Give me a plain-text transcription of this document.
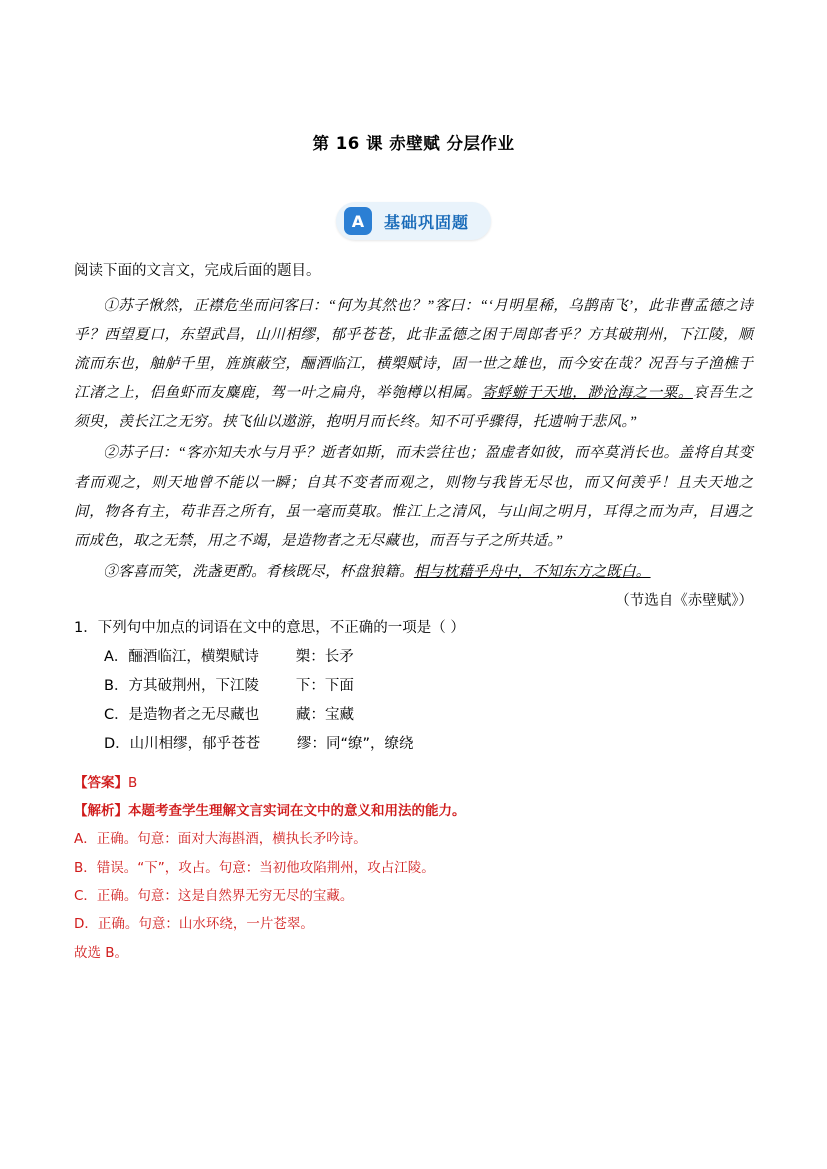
第 16 课 赤壁赋 分层作业
A	基础巩固题

阅读下面的文言文，完成后面的题目。

①苏子愀然，正襟危坐而问客曰：“何为其然也？”客曰：“‘月明星稀，乌鹊南飞’，此非曹孟德之诗乎？西望夏口，东望武昌，山川相缪，郁乎苍苍，此非孟德之困于周郎者乎？方其破荆州，下江陵，顺流而东也，舳舻千里，旌旗蔽空，酾酒临江，横槊赋诗，固一世之雄也，而今安在哉？况吾与子渔樵于江渚之上，侣鱼虾而友麋鹿，驾一叶之扁舟，举匏樽以相属。寄蜉蝣于天地，渺沧海之一粟。哀吾生之须臾，羡长江之无穷。挟飞仙以遨游，抱明月而长终。知不可乎骤得，托遗响于悲风。”

②苏子曰：“客亦知夫水与月乎？逝者如斯，而未尝往也；盈虚者如彼，而卒莫消长也。盖将自其变者而观之，则天地曾不能以一瞬；自其不变者而观之，则物与我皆无尽也，而又何羡乎！且夫天地之间，物各有主，苟非吾之所有，虽一毫而莫取。惟江上之清风，与山间之明月，耳得之而为声，目遇之而成色，取之无禁，用之不竭，是造物者之无尽藏也，而吾与子之所共适。”

③客喜而笑，洗盏更酌。肴核既尽，杯盘狼籍。相与枕藉乎舟中，不知东方之既白。

（节选自《赤壁赋》）

1．下列句中加点的词语在文中的意思，不正确的一项是（ ）

A．酾酒临江，横槊赋诗        槊：长矛
B．方其破荆州，下江陵        下：下面
C．是造物者之无尽藏也        藏：宝藏
D．山川相缪，郁乎苍苍        缪：同“缭”，缭绕

【答案】B

【解析】本题考查学生理解文言实词在文中的意义和用法的能力。

A．正确。句意：面对大海斟酒，横执长矛吟诗。

B．错误。“下”，攻占。句意：当初他攻陷荆州，攻占江陵。

C．正确。句意：这是自然界无穷无尽的宝藏。

D．正确。句意：山水环绕，一片苍翠。

故选 B。
